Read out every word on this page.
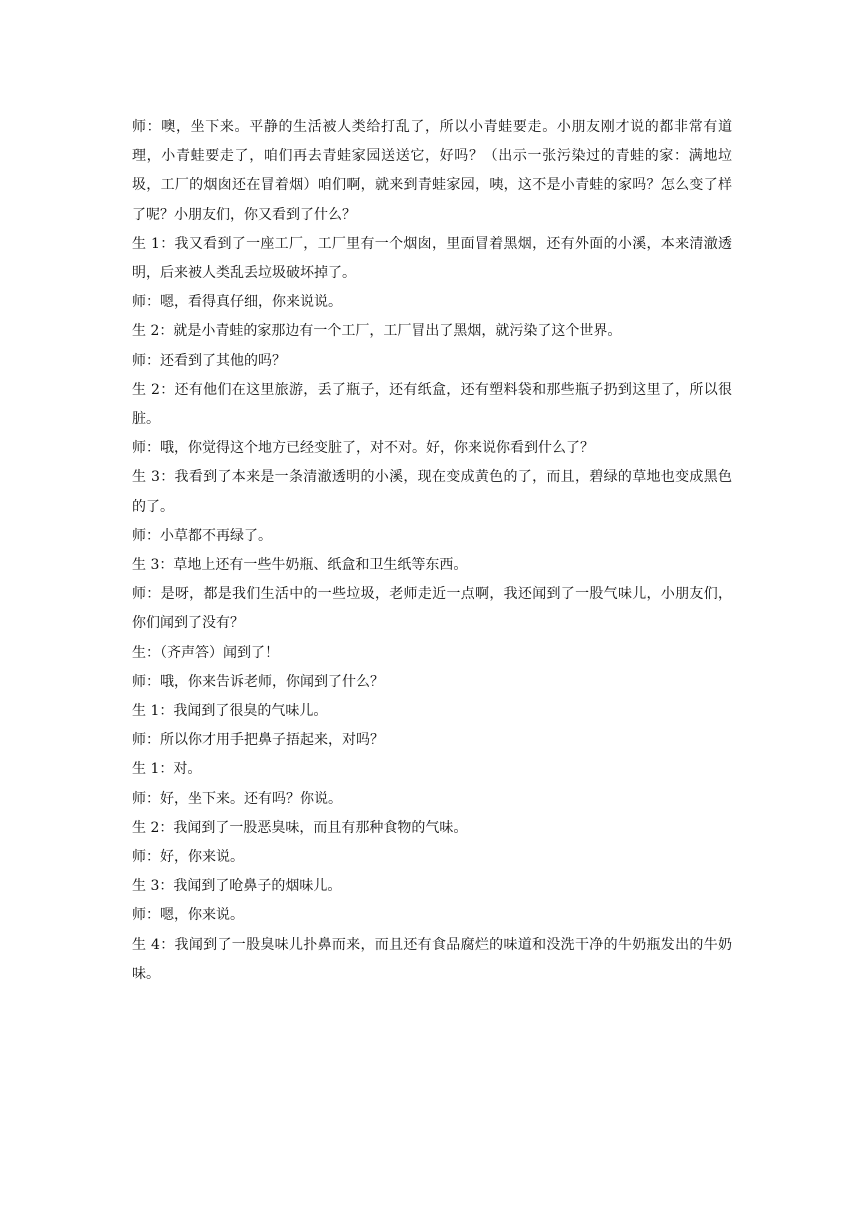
师：噢，坐下来。平静的生活被人类给打乱了，所以小青蛙要走。小朋友刚才说的都非常有道理，小青蛙要走了，咱们再去青蛙家园送送它，好吗？（出示一张污染过的青蛙的家：满地垃圾，工厂的烟囱还在冒着烟）咱们啊，就来到青蛙家园，咦，这不是小青蛙的家吗？怎么变了样了呢？小朋友们，你又看到了什么？

生 1：我又看到了一座工厂，工厂里有一个烟囱，里面冒着黑烟，还有外面的小溪，本来清澈透明，后来被人类乱丢垃圾破坏掉了。

师：嗯，看得真仔细，你来说说。

生 2：就是小青蛙的家那边有一个工厂，工厂冒出了黑烟，就污染了这个世界。

师：还看到了其他的吗？

生 2：还有他们在这里旅游，丢了瓶子，还有纸盒，还有塑料袋和那些瓶子扔到这里了，所以很脏。

师：哦，你觉得这个地方已经变脏了，对不对。好，你来说你看到什么了？

生 3：我看到了本来是一条清澈透明的小溪，现在变成黄色的了，而且，碧绿的草地也变成黑色的了。

师：小草都不再绿了。

生 3：草地上还有一些牛奶瓶、纸盒和卫生纸等东西。

师：是呀，都是我们生活中的一些垃圾，老师走近一点啊，我还闻到了一股气味儿，小朋友们，你们闻到了没有？

生：（齐声答）闻到了！

师：哦，你来告诉老师，你闻到了什么？

生 1：我闻到了很臭的气味儿。

师：所以你才用手把鼻子捂起来，对吗？

生 1：对。

师：好，坐下来。还有吗？你说。

生 2：我闻到了一股恶臭味，而且有那种食物的气味。

师：好，你来说。

生 3：我闻到了呛鼻子的烟味儿。

师：嗯，你来说。

生 4：我闻到了一股臭味儿扑鼻而来，而且还有食品腐烂的味道和没洗干净的牛奶瓶发出的牛奶味。
